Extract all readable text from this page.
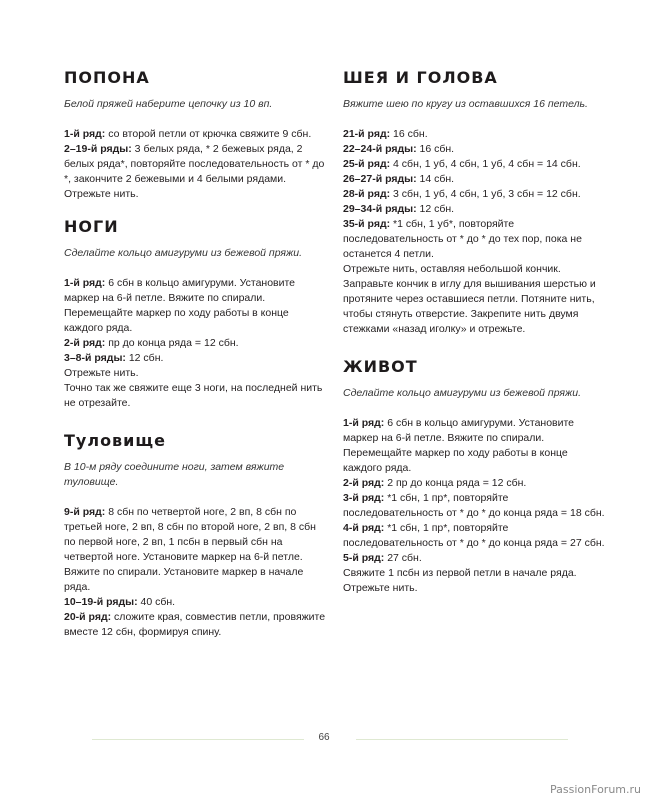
ПОПОНА

Белой пряжей наберите цепочку из 10 вп.

1-й ряд: со второй петли от крючка свяжите 9 сбн.

2–19-й ряды: 3 белых ряда, * 2 бежевых ряда, 2 белых ряда*, повторяйте последовательность от * до *, закончите 2 бежевыми и 4 белыми рядами.

Отрежьте нить.

НОГИ

Сделайте кольцо амигуруми из бежевой пряжи.

1-й ряд: 6 сбн в кольцо амигуруми. Установите маркер на 6-й петле. Вяжите по спирали. Перемещайте маркер по ходу работы в конце каждого ряда.

2-й ряд: пр до конца ряда = 12 сбн.

3–8-й ряды: 12 сбн.

Отрежьте нить.

Точно так же свяжите еще 3 ноги, на последней нить не отрезайте.

Туловище

В 10-м ряду соедините ноги, затем вяжите туловище.

9-й ряд: 8 сбн по четвертой ноге, 2 вп, 8 сбн по третьей ноге, 2 вп, 8 сбн по второй ноге, 2 вп, 8 сбн по первой ноге, 2 вп, 1 псбн в первый сбн на четвертой ноге. Установите маркер на 6-й петле. Вяжите по спирали. Установите маркер в начале ряда.

10–19-й ряды: 40 сбн.

20-й ряд: сложите края, совместив петли, провяжите вместе 12 сбн, формируя спину.

ШЕЯ И ГОЛОВА

Вяжите шею по кругу из оставшихся 16 петель.

21-й ряд: 16 сбн.

22–24-й ряды: 16 сбн.

25-й ряд: 4 сбн, 1 уб, 4 сбн, 1 уб, 4 сбн = 14 сбн.

26–27-й ряды: 14 сбн.

28-й ряд: 3 сбн, 1 уб, 4 сбн, 1 уб, 3 сбн = 12 сбн.

29–34-й ряды: 12 сбн.

35-й ряд: *1 сбн, 1 уб*, повторяйте последовательность от * до * до тех пор, пока не останется 4 петли.

Отрежьте нить, оставляя небольшой кончик. Заправьте кончик в иглу для вышивания шерстью и протяните через оставшиеся петли. Потяните нить, чтобы стянуть отверстие. Закрепите нить двумя стежками «назад иголку» и отрежьте.

ЖИВОТ

Сделайте кольцо амигуруми из бежевой пряжи.

1-й ряд: 6 сбн в кольцо амигуруми. Установите маркер на 6-й петле. Вяжите по спирали. Перемещайте маркер по ходу работы в конце каждого ряда.

2-й ряд: 2 пр до конца ряда = 12 сбн.

3-й ряд: *1 сбн, 1 пр*, повторяйте последовательность от * до * до конца ряда = 18 сбн.

4-й ряд: *1 сбн, 1 пр*, повторяйте последовательность от * до * до конца ряда = 27 сбн.

5-й ряд: 27 сбн.

Свяжите 1 псбн из первой петли в начале ряда. Отрежьте нить.

66
PassionForum.ru
